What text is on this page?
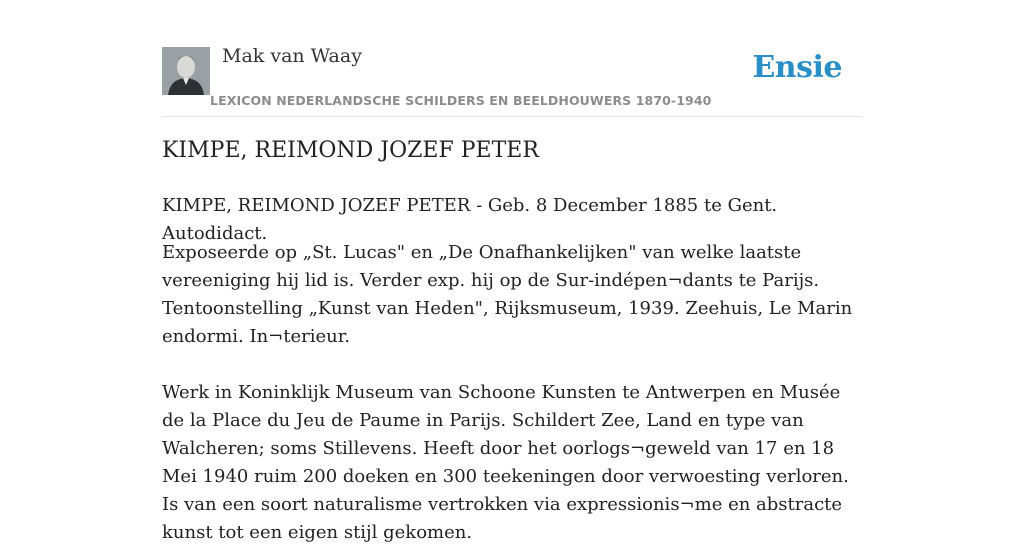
Mak van Waay
LEXICON NEDERLANDSCHE SCHILDERS EN BEELDHOUWERS 1870-1940
Ensie
KIMPE, REIMOND JOZEF PETER

KIMPE, REIMOND JOZEF PETER - Geb. 8 December 1885 te Gent. Autodidact.

Exposeerde op „St. Lucas" en „De Onafhankelijken" van welke laatste vereeniging hij lid is. Verder exp. hij op de Sur-indépen¬dants te Parijs. Tentoonstelling „Kunst van Heden", Rijksmuseum, 1939. Zeehuis, Le Marin endormi. In¬terieur.

Werk in Koninklijk Museum van Schoone Kunsten te Antwerpen en Musée de la Place du Jeu de Paume in Parijs. Schildert Zee, Land en type van Walcheren; soms Stillevens. Heeft door het oorlogs¬geweld van 17 en 18 Mei 1940 ruim 200 doeken en 300 teekeningen door verwoesting verloren. Is van een soort naturalisme vertrokken via expressionis¬me en abstracte kunst tot een eigen stijl gekomen.
